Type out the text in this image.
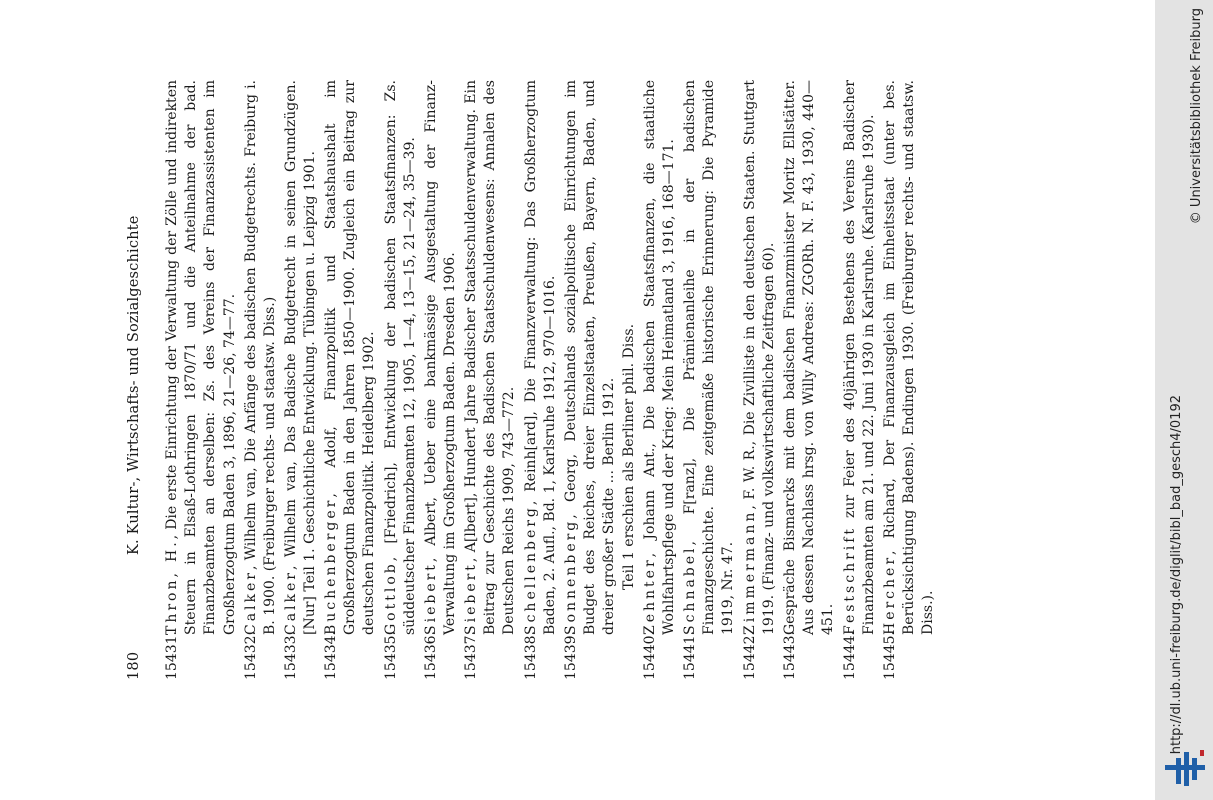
180
K. Kultur-, Wirtschafts- und Sozialgeschichte
15431.
Thron, H., Die erste Einrichtung der Verwaltung der Zölle und indirekten Steuern in Elsaß-Lothringen 1870/71 und die Anteilnahme der bad. Finanzbeamten an derselben: Zs. des Vereins der Finanzassistenten im Großherzogtum Baden 3, 1896, 21—26, 74—77.
15432.
Calker, Wilhelm van, Die Anfänge des badischen Budgetrechts. Freiburg i. B. 1900. (Freiburger rechts- und staatsw. Diss.)
15433.
Calker, Wilhelm van, Das Badische Budgetrecht in seinen Grundzügen. [Nur] Teil 1. Geschichtliche Entwicklung. Tübingen u. Leipzig 1901.
15434.
Buchenberger, Adolf, Finanzpolitik und Staatshaushalt im Großherzogtum Baden in den Jahren 1850—1900. Zugleich ein Beitrag zur deutschen Finanzpolitik. Heidelberg 1902.
15435.
Gottlob, [Friedrich], Entwicklung der badischen Staatsfinanzen: Zs. süddeutscher Finanzbeamten 12, 1905, 1—4, 13—15, 21—24, 35—39.
15436.
Siebert, Albert, Ueber eine bankmässige Ausgestaltung der Finanz-Verwaltung im Großherzogtum Baden. Dresden 1906.
15437.
Siebert, A[lbert], Hundert Jahre Badischer Staatsschuldenverwaltung. Ein Beitrag zur Geschichte des Badischen Staatsschuldenwesens: Annalen des Deutschen Reichs 1909, 743—772.
15438.
Schellenberg, Reinh[ard], Die Finanzverwaltung: Das Großherzogtum Baden, 2. Aufl., Bd. 1, Karlsruhe 1912, 970—1016.
15439.
Sonnenberg, Georg, Deutschlands sozialpolitische Einrichtungen im Budget des Reiches, dreier Einzelstaaten, Preußen, Bayern, Baden, und dreier großer Städte ... Berlin 1912. Teil 1 erschien als Berliner phil. Diss.
15440.
Zehnter, Johann Ant., Die badischen Staatsfinanzen, die staatliche Wohlfahrtspflege und der Krieg: Mein Heimatland 3, 1916, 168—171.
15441.
Schnabel, F[ranz], Die Prämienanleihe in der badischen Finanzgeschichte. Eine zeitgemäße historische Erinnerung: Die Pyramide 1919, Nr. 47.
15442.
Zimmermann, F. W. R., Die Zivilliste in den deutschen Staaten. Stuttgart 1919. (Finanz- und volkswirtschaftliche Zeitfragen 60).
15443.
Gespräche Bismarcks mit dem badischen Finanzminister Moritz Ellstätter. Aus dessen Nachlass hrsg. von Willy Andreas: ZGORh. N. F. 43, 1930, 440—451.
15444.
Festschrift zur Feier des 40jährigen Bestehens des Vereins Badischer Finanzbeamten am 21. und 22. Juni 1930 in Karlsruhe. (Karlsruhe 1930).
15445.
Hercher, Richard, Der Finanzausgleich im Einheitsstaat (unter bes. Berücksichtigung Badens). Endingen 1930. (Freiburger rechts- und staatsw. Diss.).	http://dl.ub.uni-freiburg.de/diglit/bibl_bad_gesch4/0192
© Universitätsbibliothek Freiburg
